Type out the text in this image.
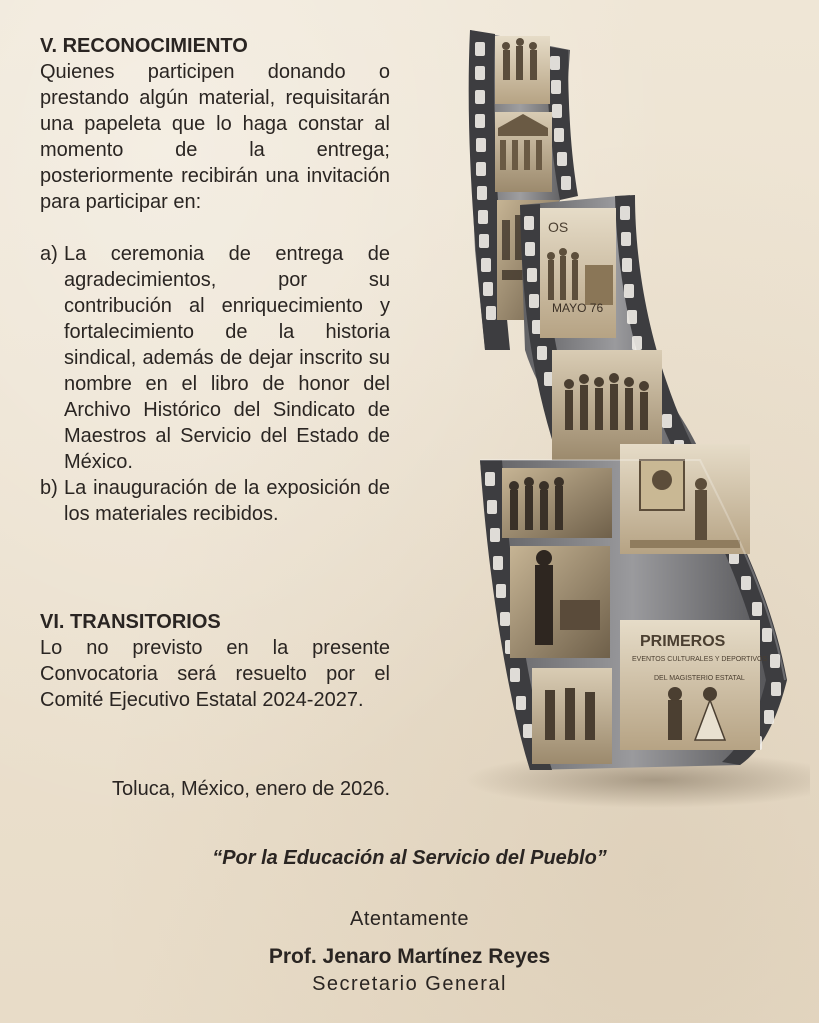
V. RECONOCIMIENTO

Quienes participen donando o prestando algún material, requisitarán una papeleta que lo haga constar al momento de la entrega; posteriormente recibirán una invitación para participar en:

a) La ceremonia de entrega de agradecimientos, por su contribución al enriquecimiento y fortalecimiento de la historia sindical, además de dejar inscrito su nombre en el libro de honor del Archivo Histórico del Sindicato de Maestros al Servicio del Estado de México.
b) La inauguración de la exposición de los materiales recibidos.
VI. TRANSITORIOS

Lo no previsto en la presente Convocatoria será resuelto por el Comité Ejecutivo Estatal 2024-2027.

Toluca, México, enero de 2026.
“Por la Educación al Servicio del Pueblo”
Atentamente
Prof. Jenaro Martínez Reyes
Secretario General
OS
MAYO 76
PRIMEROS
EVENTOS CULTURALES Y DEPORTIVOS
DEL MAGISTERIO ESTATAL
